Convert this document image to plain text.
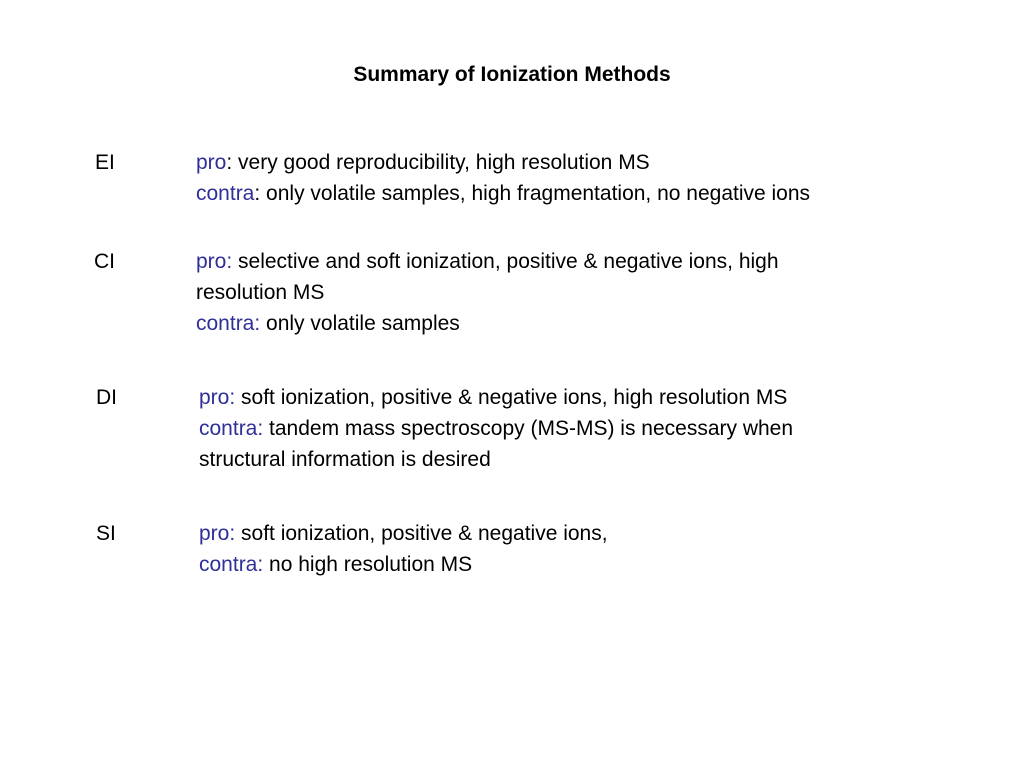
Summary of Ionization Methods
EI	pro: very good reproducibility, high resolution MS
contra: only volatile samples, high fragmentation, no negative ions
CI	pro: selective and soft ionization, positive & negative ions, high
resolution MS
contra: only volatile samples
DI	pro: soft ionization, positive & negative ions, high resolution MS
contra: tandem mass spectroscopy (MS-MS) is necessary when
structural information is desired
SI	pro: soft ionization, positive & negative ions,
contra: no high resolution MS
